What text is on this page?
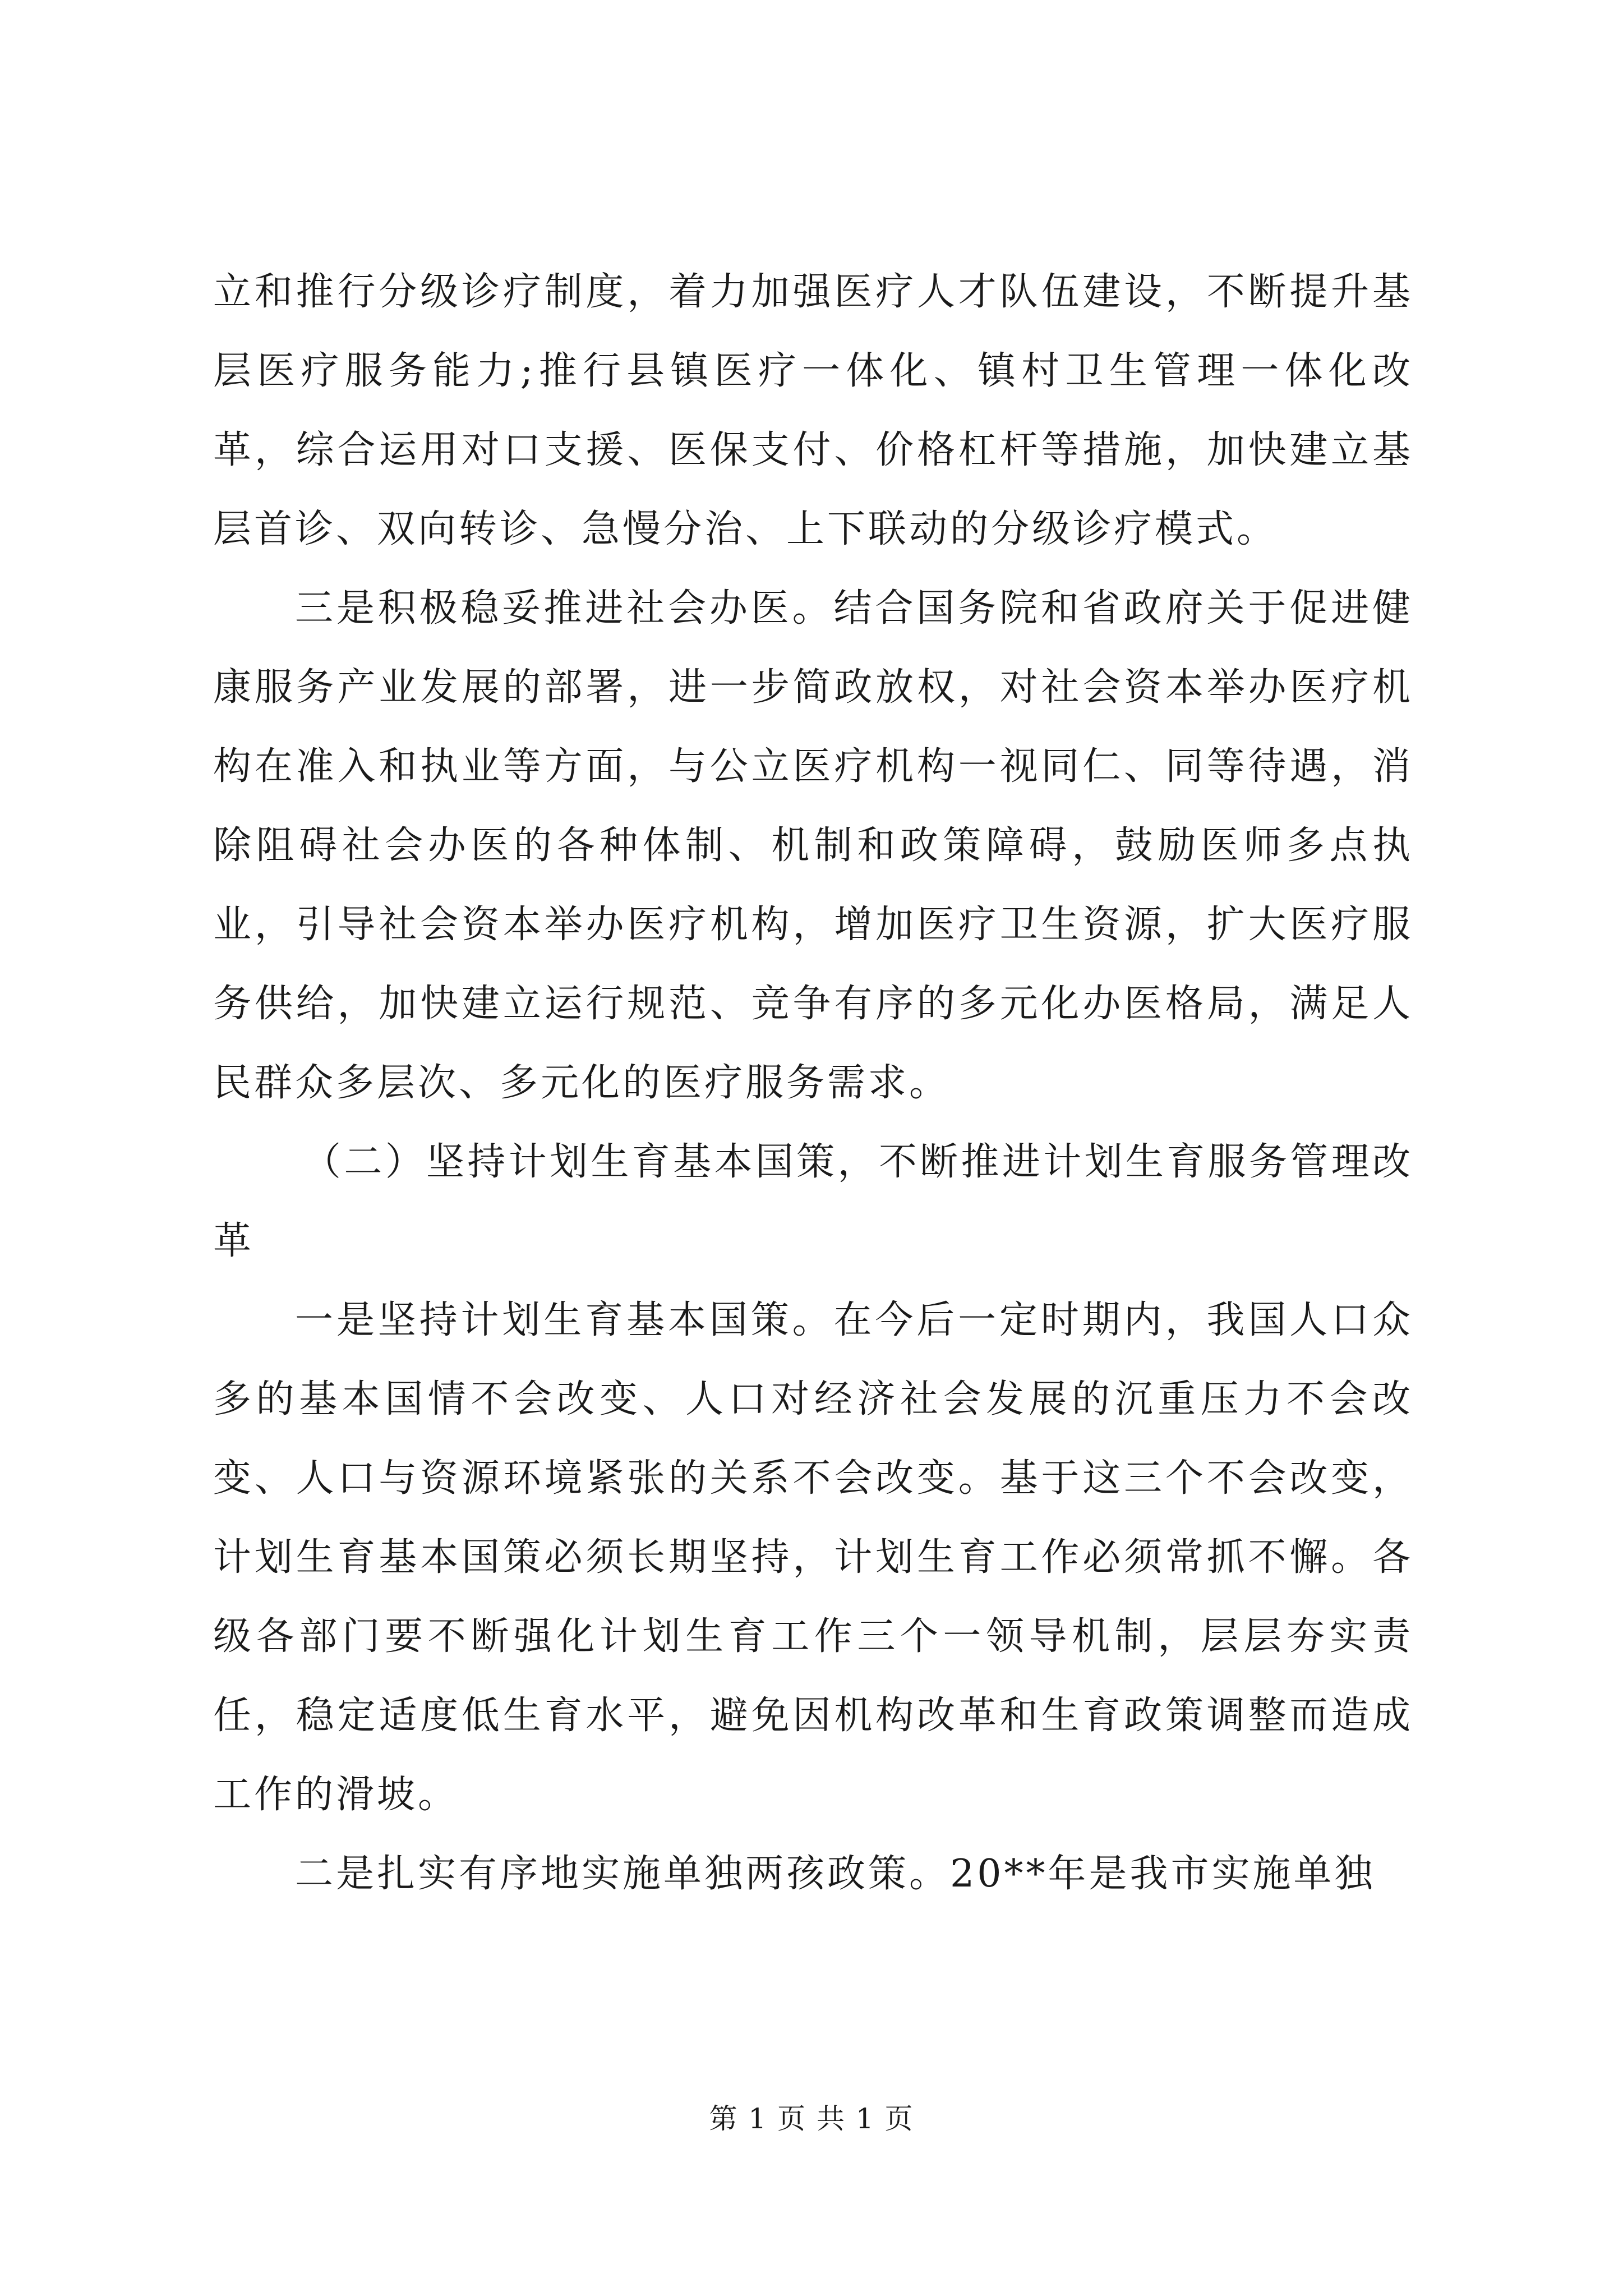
立和推行分级诊疗制度，着力加强医疗人才队伍建设，不断提升基层医疗服务能力;推行县镇医疗一体化、镇村卫生管理一体化改革，综合运用对口支援、医保支付、价格杠杆等措施，加快建立基层首诊、双向转诊、急慢分治、上下联动的分级诊疗模式。

三是积极稳妥推进社会办医。结合国务院和省政府关于促进健康服务产业发展的部署，进一步简政放权，对社会资本举办医疗机构在准入和执业等方面，与公立医疗机构一视同仁、同等待遇，消除阻碍社会办医的各种体制、机制和政策障碍，鼓励医师多点执业，引导社会资本举办医疗机构，增加医疗卫生资源，扩大医疗服务供给，加快建立运行规范、竞争有序的多元化办医格局，满足人民群众多层次、多元化的医疗服务需求。

（二）坚持计划生育基本国策，不断推进计划生育服务管理改革

一是坚持计划生育基本国策。在今后一定时期内，我国人口众多的基本国情不会改变、人口对经济社会发展的沉重压力不会改变、人口与资源环境紧张的关系不会改变。基于这三个不会改变，计划生育基本国策必须长期坚持，计划生育工作必须常抓不懈。各级各部门要不断强化计划生育工作三个一领导机制，层层夯实责任，稳定适度低生育水平，避免因机构改革和生育政策调整而造成工作的滑坡。

二是扎实有序地实施单独两孩政策。20**年是我市实施单独

第 1 页 共 1 页
